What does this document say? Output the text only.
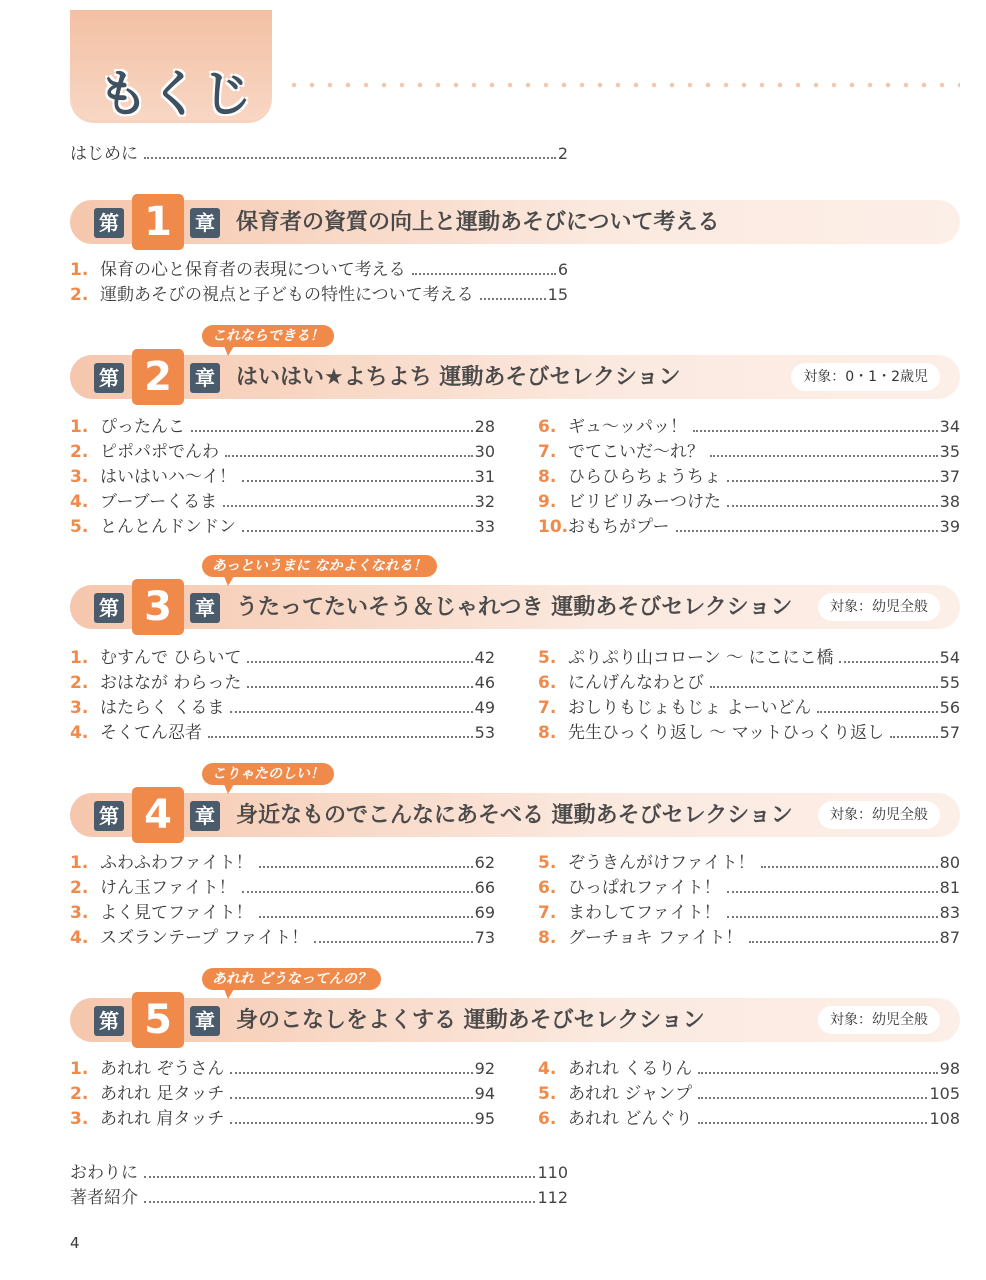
もくじ
はじめに	2
第 1	章 保育者の資質の向上と運動あそびについて考える
1. 保育の心と保育者の表現について考える	6
2. 運動あそびの視点と子どもの特性について考える	15
第 2	章 はいはい★よちよち 運動あそびセレクション	対象：0・1・2歳児
これならできる！
1. ぴったんこ	28
2. ピポパポでんわ	30
3. はいはいハ～イ！	31
4. ブーブーくるま	32
5. とんとんドンドン	33
6. ギュ～ッパッ！	34
7. でてこいだ～れ？	35
8. ひらひらちょうちょ	37
9. ビリビリみーつけた	38
10. おもちがプー	39
第 3	章 うたってたいそう＆じゃれつき 運動あそびセレクション	対象：幼児全般
あっというまに なかよくなれる！
1. むすんで ひらいて	42
2. おはなが わらった	46
3. はたらく くるま	49
4. そくてん忍者	53
5. ぷりぷり山コローン ～ にこにこ橋	54
6. にんげんなわとび	55
7. おしりもじょもじょ よーいどん	56
8. 先生ひっくり返し ～ マットひっくり返し	57
第 4	章 身近なものでこんなにあそべる 運動あそびセレクション	対象：幼児全般
こりゃたのしい！
1. ふわふわファイト！	62
2. けん玉ファイト！	66
3. よく見てファイト！	69
4. スズランテープ ファイト！	73
5. ぞうきんがけファイト！	80
6. ひっぱれファイト！	81
7. まわしてファイト！	83
8. グーチョキ ファイト！	87
第 5	章 身のこなしをよくする 運動あそびセレクション	対象：幼児全般
あれれ どうなってんの？
1. あれれ ぞうさん	92
2. あれれ 足タッチ	94
3. あれれ 肩タッチ	95
4. あれれ くるりん	98
5. あれれ ジャンプ	105
6. あれれ どんぐり	108
おわりに	110
著者紹介	112
4
